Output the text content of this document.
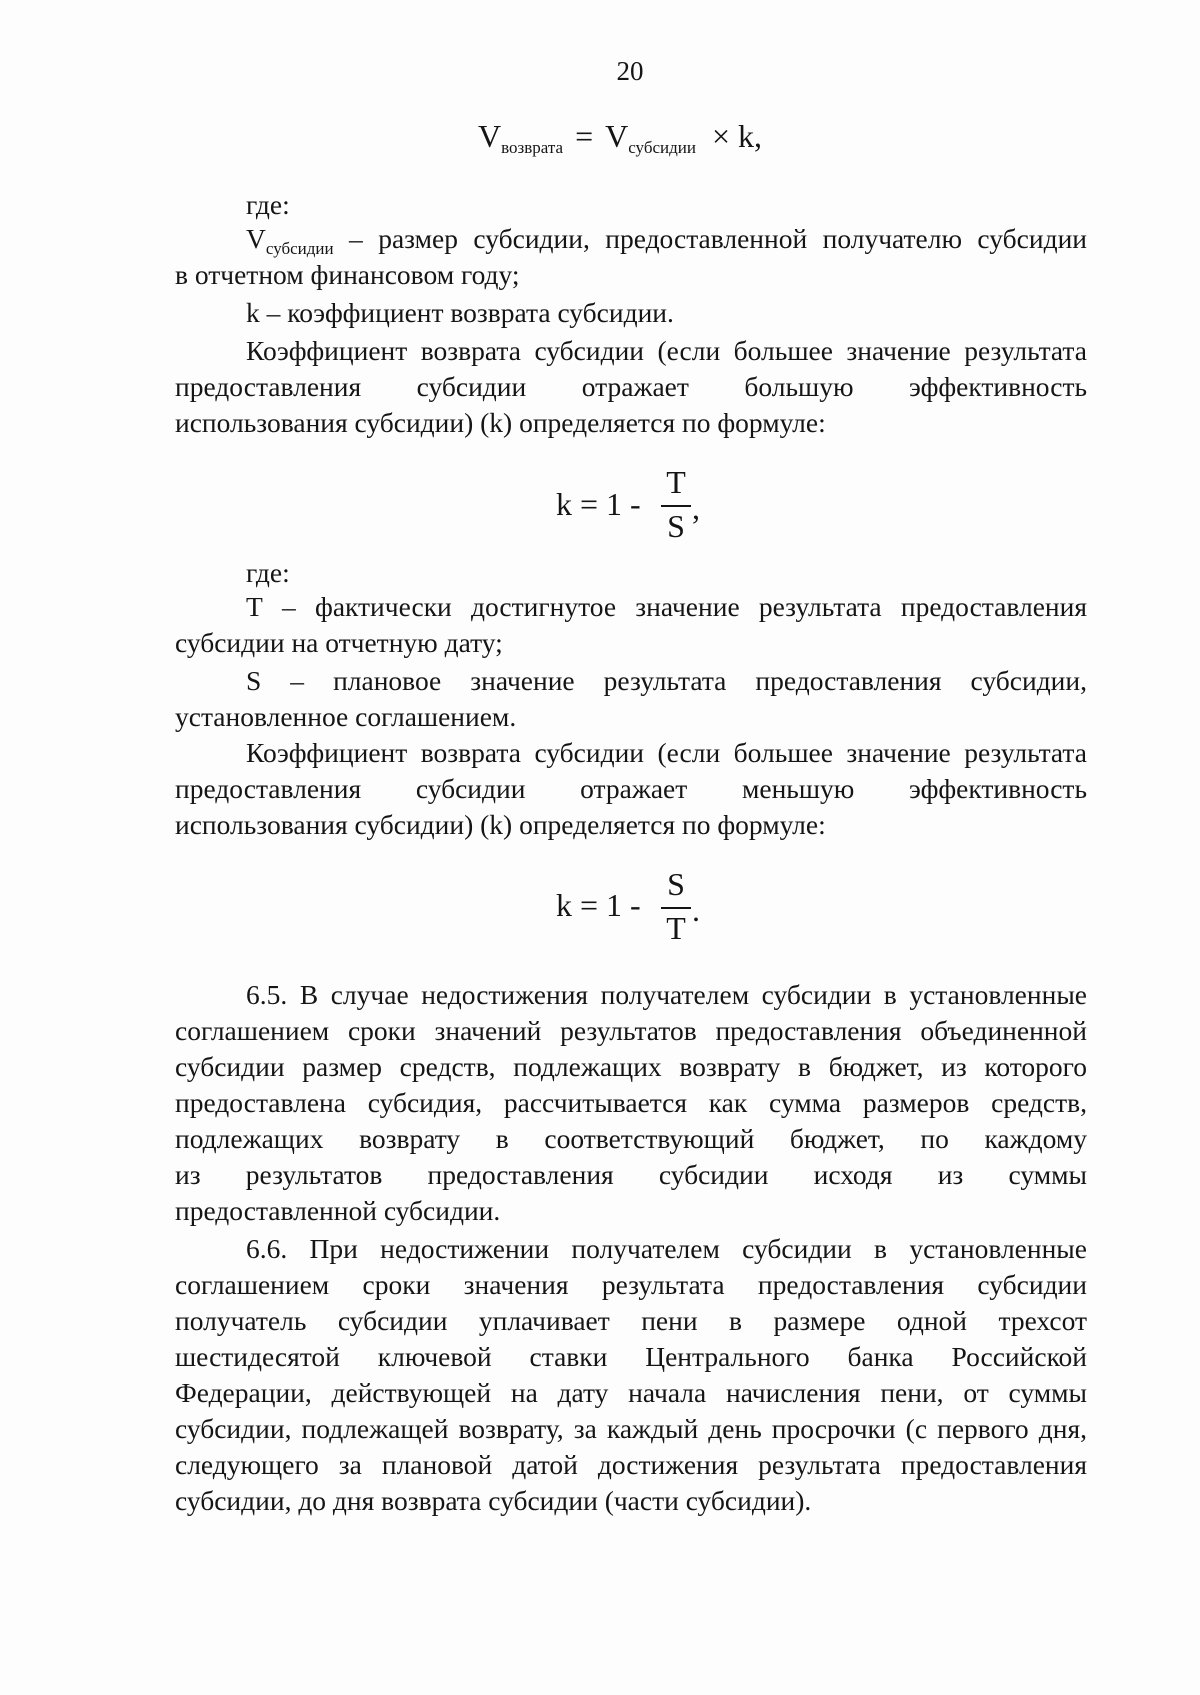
20
$V_{возврата} = V_{субсидии} \times k$,
где:
$V_{субсидии}$ – размер субсидии, предоставленной получателю субсидии
в отчетном финансовом году;
k – коэффициент возврата субсидии.
Коэффициент возврата субсидии (если большее значение результата
предоставления субсидии отражает большую эффективность
использования субсидии) (k) определяется по формуле:
k = 1 -
T
S ,
где:
Т – фактически достигнутое значение результата предоставления
субсидии на отчетную дату;
S – плановое значение результата предоставления субсидии,
установленное соглашением.
Коэффициент возврата субсидии (если большее значение результата
предоставления субсидии отражает меньшую эффективность
использования субсидии) (k) определяется по формуле:
k = 1 -
S
T .
6.5. В случае недостижения получателем субсидии в установленные
соглашением сроки значений результатов предоставления объединенной
субсидии размер средств, подлежащих возврату в бюджет, из которого
предоставлена субсидия, рассчитывается как сумма размеров средств,
подлежащих возврату в соответствующий бюджет, по каждому
из результатов предоставления субсидии исходя из суммы
предоставленной субсидии.
6.6. При недостижении получателем субсидии в установленные
соглашением сроки значения результата предоставления субсидии
получатель субсидии уплачивает пени в размере одной трехсот
шестидесятой ключевой ставки Центрального банка Российской
Федерации, действующей на дату начала начисления пени, от суммы
субсидии, подлежащей возврату, за каждый день просрочки (с первого дня,
следующего за плановой датой достижения результата предоставления
субсидии, до дня возврата субсидии (части субсидии).
